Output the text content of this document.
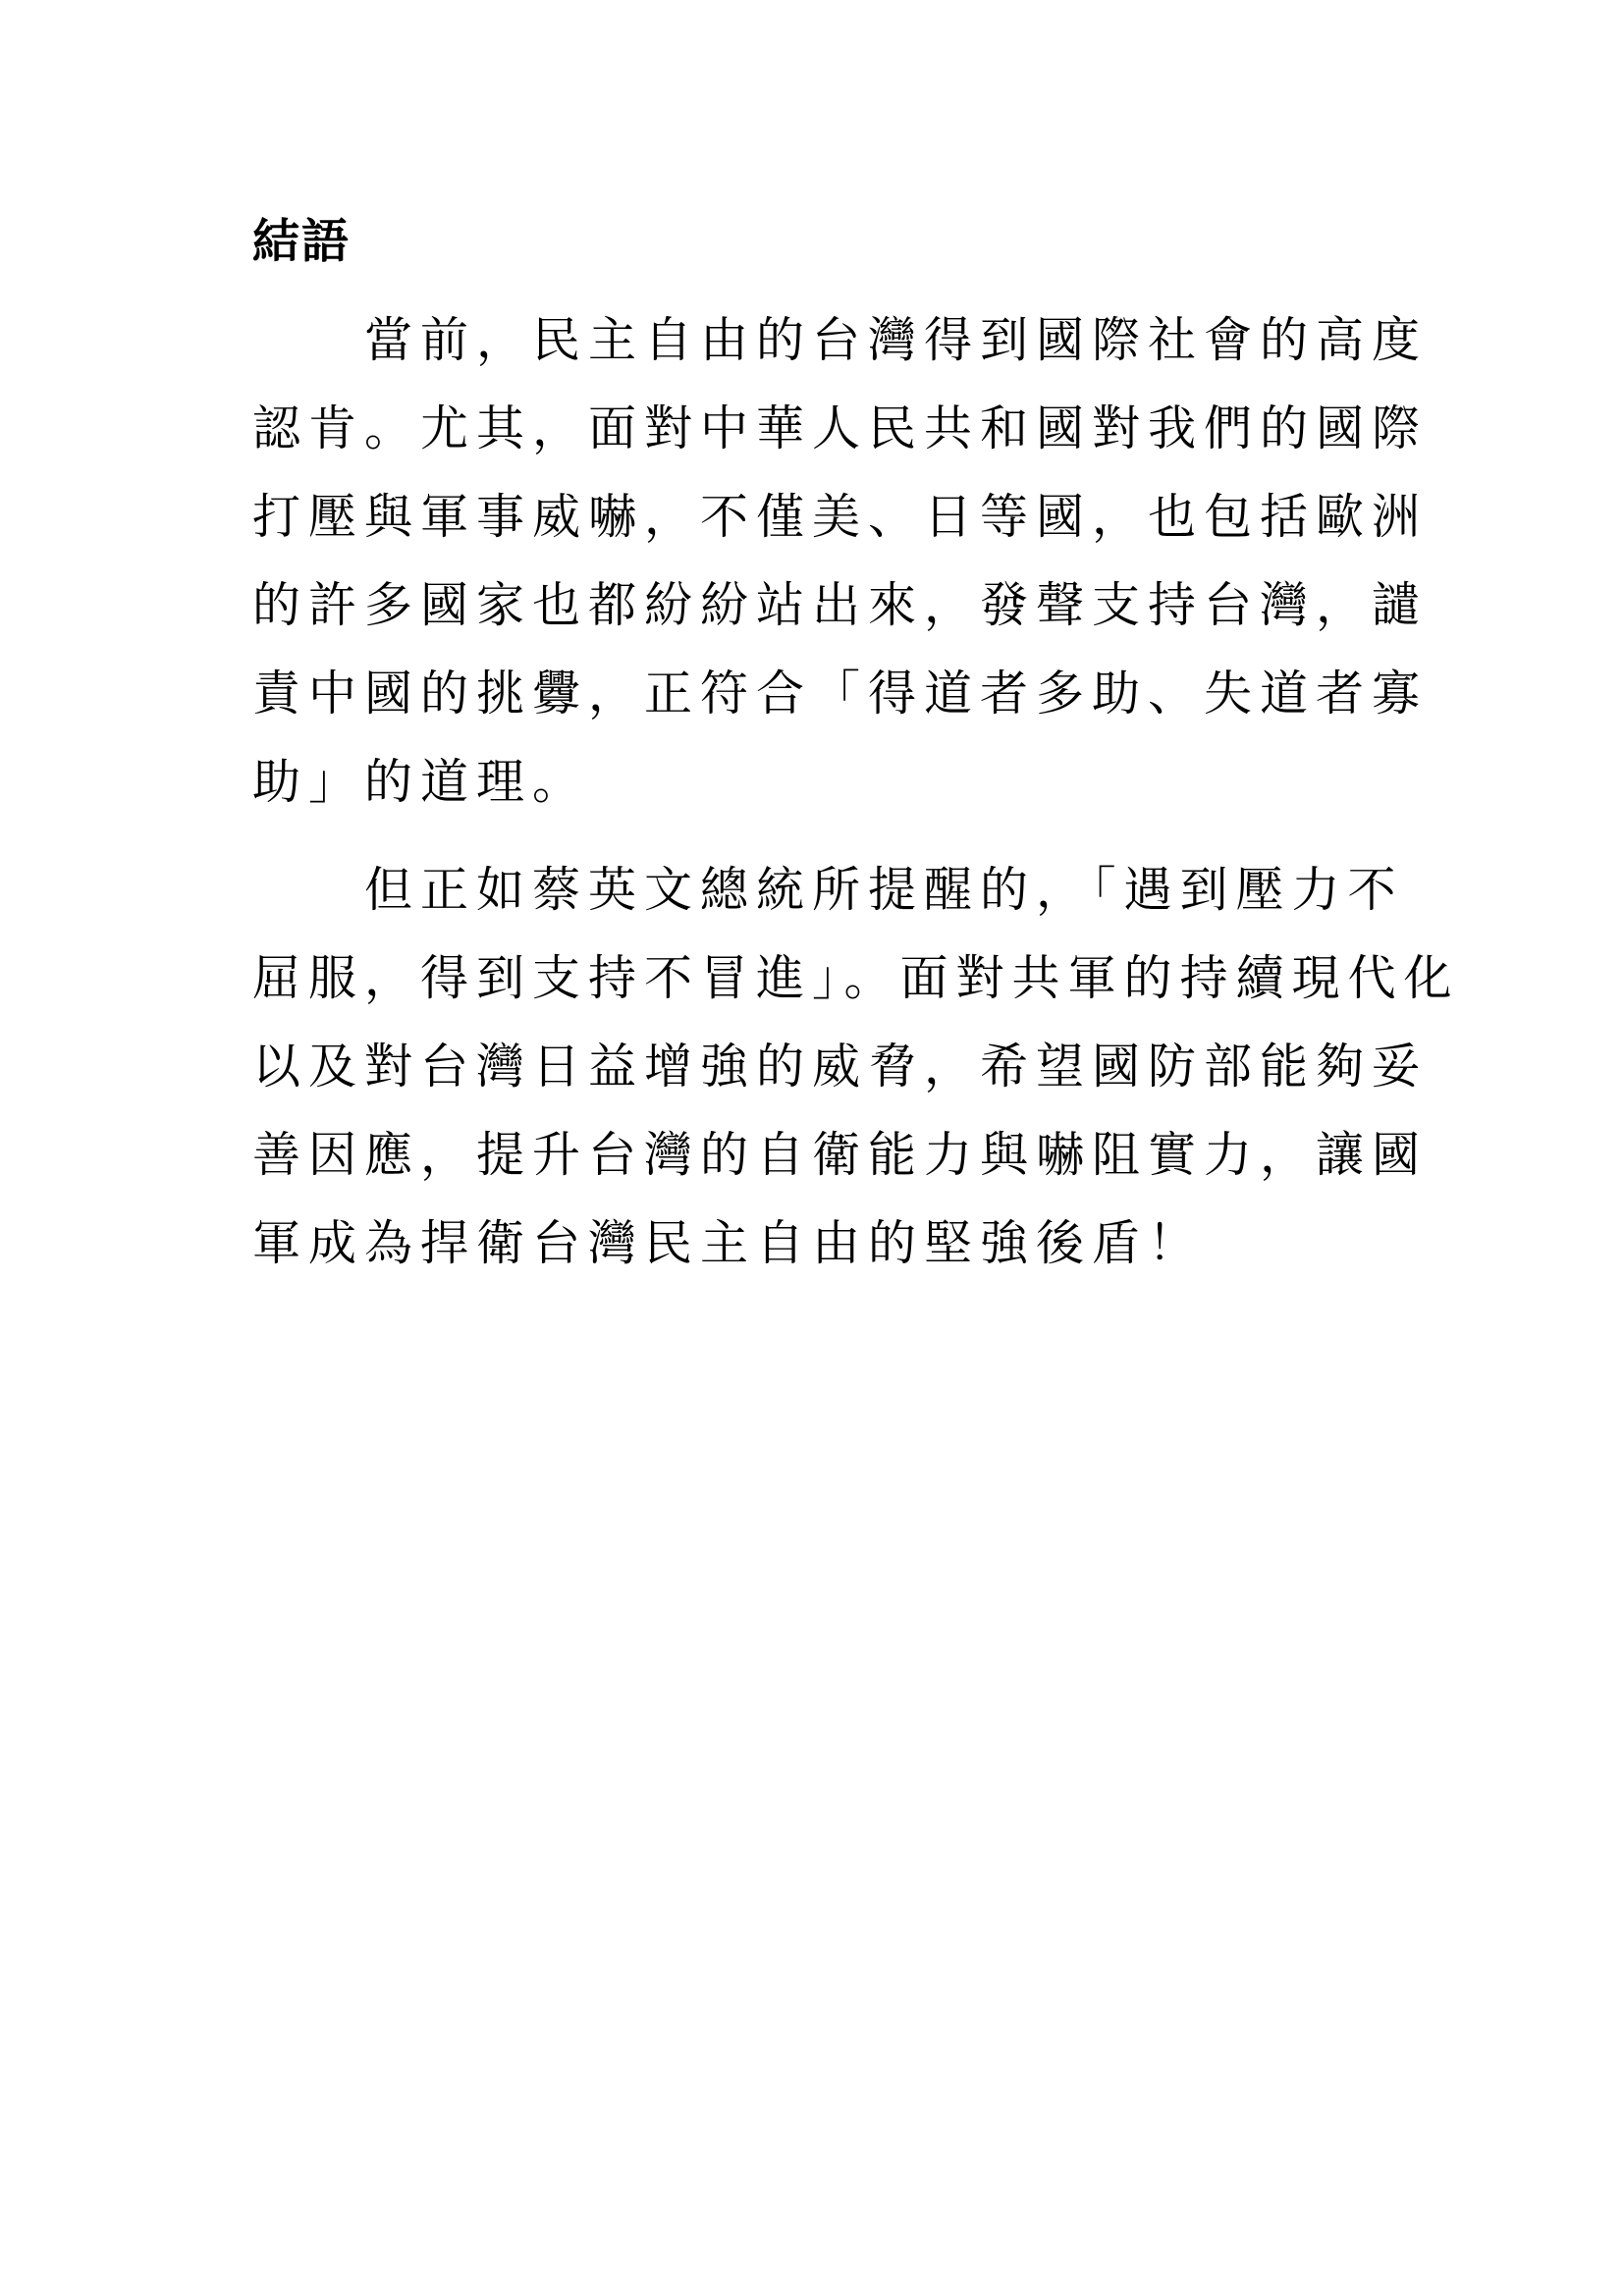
結語

　　當前，民主自由的台灣得到國際社會的高度

認肯。尤其，面對中華人民共和國對我們的國際

打壓與軍事威嚇，不僅美、日等國，也包括歐洲

的許多國家也都紛紛站出來，發聲支持台灣，譴

責中國的挑釁，正符合「得道者多助、失道者寡

助」的道理。

　　但正如蔡英文總統所提醒的，「遇到壓力不

屈服，得到支持不冒進」。面對共軍的持續現代化

以及對台灣日益增強的威脅，希望國防部能夠妥

善因應，提升台灣的自衛能力與嚇阻實力，讓國

軍成為捍衛台灣民主自由的堅強後盾！
